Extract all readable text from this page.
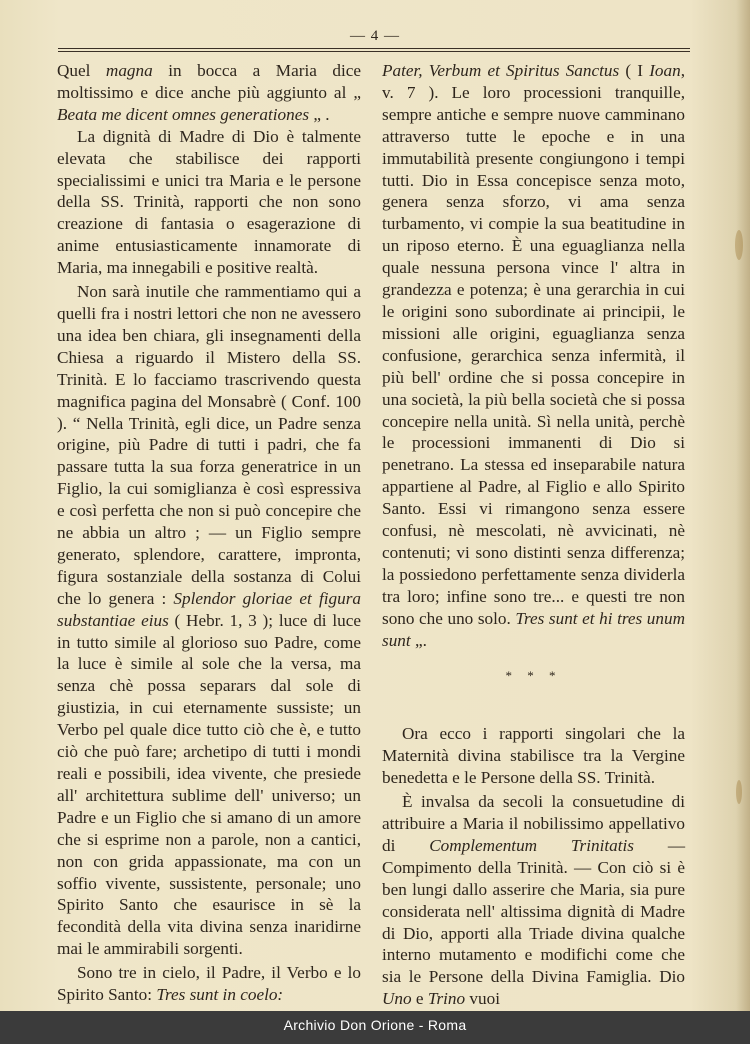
— 4 —

Quel magna in bocca a Maria dice moltissimo e dice anche più aggiunto al „ Beata me dicent omnes generationes „ .

La dignità di Madre di Dio è talmente elevata che stabilisce dei rapporti specialissimi e unici tra Maria e le persone della SS. Trinità, rapporti che non sono creazione di fantasia o esagerazione di anime entusiasticamente innamorate di Maria, ma innegabili e positive realtà.

Non sarà inutile che rammentiamo qui a quelli fra i nostri lettori che non ne avessero una idea ben chiara, gli insegnamenti della Chiesa a riguardo il Mistero della SS. Trinità. E lo facciamo trascrivendo questa magnifica pagina del Monsabrè ( Conf. 100 ). “ Nella Trinità, egli dice, un Padre senza origine, più Padre di tutti i padri, che fa passare tutta la sua forza generatrice in un Figlio, la cui somiglianza è così espressiva e così perfetta che non si può concepire che ne abbia un altro ; — un Figlio sempre generato, splendore, carattere, impronta, figura sostanziale della sostanza di Colui che lo genera : Splendor gloriae et figura substantiae eius ( Hebr. 1, 3 ); luce di luce in tutto simile al glorioso suo Padre, come la luce è simile al sole che la versa, ma senza chè possa separars dal sole di giustizia, in cui eternamente sussiste; un Verbo pel quale dice tutto ciò che è, e tutto ciò che può fare; archetipo di tutti i mondi reali e possibili, idea vivente, che presiede all' architettura sublime dell' universo; un Padre e un Figlio che si amano di un amore che si esprime non a parole, non a cantici, non con grida appassionate, ma con un soffio vivente, sussistente, personale; uno Spirito Santo che esaurisce in sè la fecondità della vita divina senza inaridirne mai le ammirabili sorgenti.

Sono tre in cielo, il Padre, il Verbo e lo Spirito Santo: Tres sunt in coelo:

Pater, Verbum et Spiritus Sanctus ( I Ioan, v. 7 ). Le loro processioni tranquille, sempre antiche e sempre nuove camminano attraverso tutte le epoche e in una immutabilità presente congiungono i tempi tutti. Dio in Essa concepisce senza moto, genera senza sforzo, vi ama senza turbamento, vi compie la sua beatitudine in un riposo eterno. È una eguaglianza nella quale nessuna persona vince l' altra in grandezza e potenza; è una gerarchia in cui le origini sono subordinate ai principii, le missioni alle origini, eguaglianza senza confusione, gerarchica senza infermità, il più bell' ordine che si possa concepire in una società, la più bella società che si possa concepire nella unità. Sì nella unità, perchè le processioni immanenti di Dio si penetrano. La stessa ed inseparabile natura appartiene al Padre, al Figlio e allo Spirito Santo. Essi vi rimangono senza essere confusi, nè mescolati, nè avvicinati, nè contenuti; vi sono distinti senza differenza; la possiedono perfettamente senza dividerla tra loro; infine sono tre... e questi tre non sono che uno solo. Tres sunt et hi tres unum sunt „.

* * *

Ora ecco i rapporti singolari che la Maternità divina stabilisce tra la Vergine benedetta e le Persone della SS. Trinità.

È invalsa da secoli la consuetudine di attribuire a Maria il nobilissimo appellativo di Complementum Trinitatis — Compimento della Trinità. — Con ciò si è ben lungi dallo asserire che Maria, sia pure considerata nell' altissima dignità di Madre di Dio, apporti alla Triade divina qualche interno mutamento e modifichi come che sia le Persone della Divina Famiglia. Dio Uno e Trino vuoi

Archivio Don Orione - Roma
